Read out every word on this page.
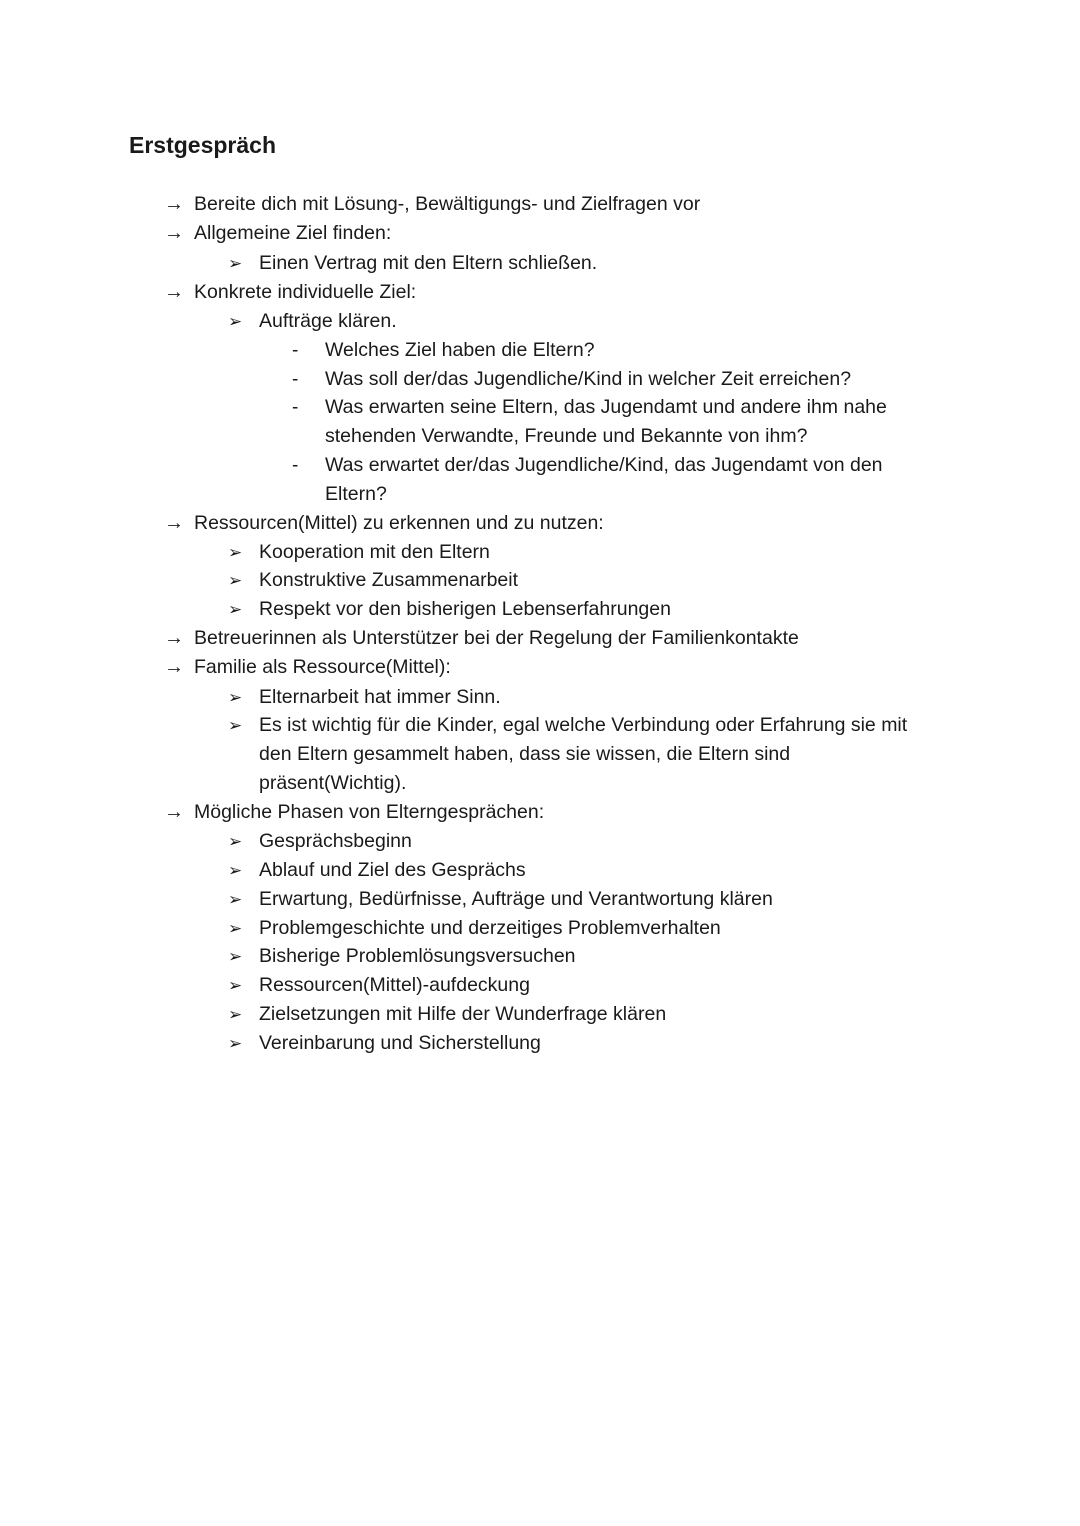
Erstgespräch
→ Bereite dich mit Lösung-, Bewältigungs- und Zielfragen vor
→ Allgemeine Ziel finden:
➢ Einen Vertrag mit den Eltern schließen.
→ Konkrete individuelle Ziel:
➢ Aufträge klären.
-	Welches Ziel haben die Eltern?
-	Was soll der/das Jugendliche/Kind in welcher Zeit erreichen?
-	Was erwarten seine Eltern, das Jugendamt und andere ihm nahe
stehenden Verwandte, Freunde und Bekannte von ihm?
-	Was erwartet der/das Jugendliche/Kind, das Jugendamt von den
Eltern?
→ Ressourcen(Mittel) zu erkennen und zu nutzen:
➢ Kooperation mit den Eltern
➢ Konstruktive Zusammenarbeit
➢ Respekt vor den bisherigen Lebenserfahrungen
→ Betreuerinnen als Unterstützer bei der Regelung der Familienkontakte
→ Familie als Ressource(Mittel):
➢ Elternarbeit hat immer Sinn.
➢ Es ist wichtig für die Kinder, egal welche Verbindung oder Erfahrung sie mit
den Eltern gesammelt haben, dass sie wissen, die Eltern sind
präsent(Wichtig).
→ Mögliche Phasen von Elterngesprächen:
➢ Gesprächsbeginn
➢ Ablauf und Ziel des Gesprächs
➢ Erwartung, Bedürfnisse, Aufträge und Verantwortung klären
➢ Problemgeschichte und derzeitiges Problemverhalten
➢ Bisherige Problemlösungsversuchen
➢ Ressourcen(Mittel)-aufdeckung
➢ Zielsetzungen mit Hilfe der Wunderfrage klären
➢ Vereinbarung und Sicherstellung
